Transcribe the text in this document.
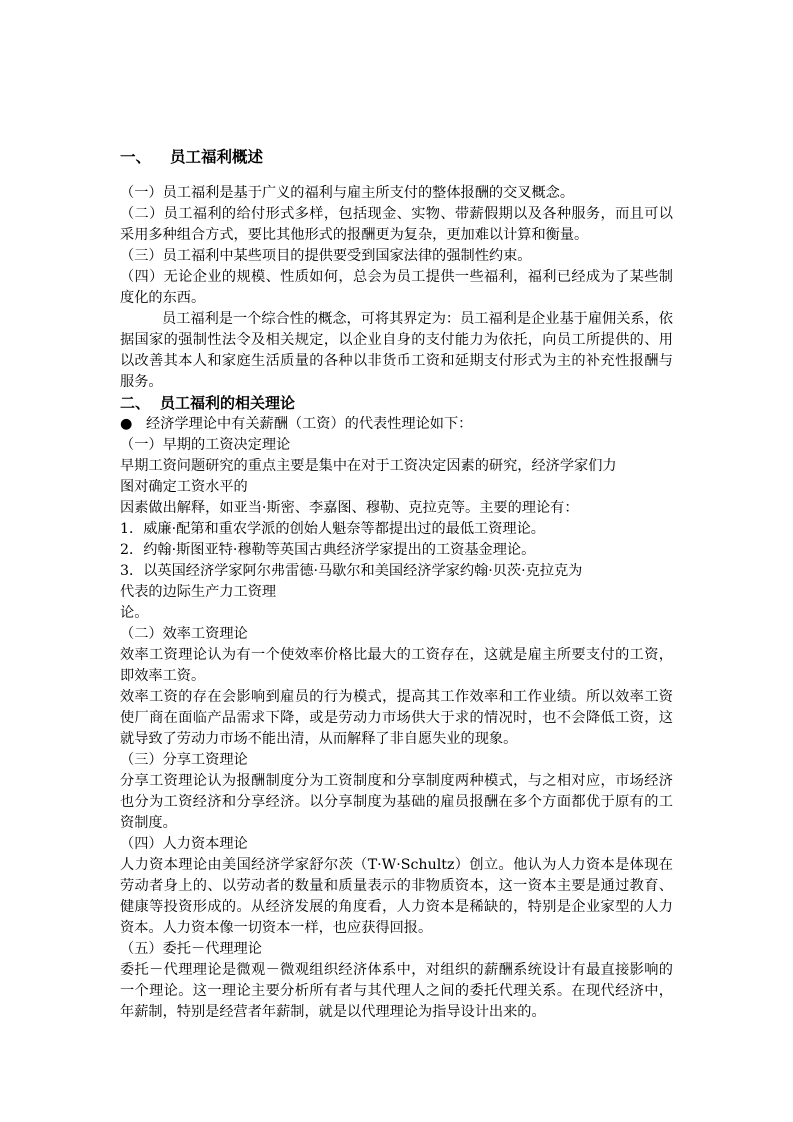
一、 员工福利概述

（一）员工福利是基于广义的福利与雇主所支付的整体报酬的交叉概念。

（二）员工福利的给付形式多样，包括现金、实物、带薪假期以及各种服务，而且可以采用多种组合方式，要比其他形式的报酬更为复杂，更加难以计算和衡量。

（三）员工福利中某些项目的提供要受到国家法律的强制性约束。

（四）无论企业的规模、性质如何，总会为员工提供一些福利，福利已经成为了某些制度化的东西。

员工福利是一个综合性的概念，可将其界定为：员工福利是企业基于雇佣关系，依据国家的强制性法令及相关规定，以企业自身的支付能力为依托，向员工所提供的、用以改善其本人和家庭生活质量的各种以非货币工资和延期支付形式为主的补充性报酬与服务。

二、 员工福利的相关理论

● 经济学理论中有关薪酬（工资）的代表性理论如下：

（一）早期的工资决定理论

早期工资问题研究的重点主要是集中在对于工资决定因素的研究，经济学家们力

图对确定工资水平的

因素做出解释，如亚当·斯密、李嘉图、穆勒、克拉克等。主要的理论有：

1．威廉·配第和重农学派的创始人魁奈等都提出过的最低工资理论。

2．约翰·斯图亚特·穆勒等英国古典经济学家提出的工资基金理论。

3．以英国经济学家阿尔弗雷德·马歇尔和美国经济学家约翰·贝茨·克拉克为

代表的边际生产力工资理

论。

（二）效率工资理论

效率工资理论认为有一个使效率价格比最大的工资存在，这就是雇主所要支付的工资，即效率工资。

效率工资的存在会影响到雇员的行为模式，提高其工作效率和工作业绩。所以效率工资使厂商在面临产品需求下降，或是劳动力市场供大于求的情况时，也不会降低工资，这就导致了劳动力市场不能出清，从而解释了非自愿失业的现象。

（三）分享工资理论

分享工资理论认为报酬制度分为工资制度和分享制度两种模式，与之相对应，市场经济也分为工资经济和分享经济。以分享制度为基础的雇员报酬在多个方面都优于原有的工资制度。

（四）人力资本理论

人力资本理论由美国经济学家舒尔茨（T·W·Schultz）创立。他认为人力资本是体现在劳动者身上的、以劳动者的数量和质量表示的非物质资本，这一资本主要是通过教育、健康等投资形成的。从经济发展的角度看，人力资本是稀缺的，特别是企业家型的人力资本。人力资本像一切资本一样，也应获得回报。

（五）委托－代理理论

委托－代理理论是微观－微观组织经济体系中，对组织的薪酬系统设计有最直接影响的一个理论。这一理论主要分析所有者与其代理人之间的委托代理关系。在现代经济中，年薪制，特别是经营者年薪制，就是以代理理论为指导设计出来的。
